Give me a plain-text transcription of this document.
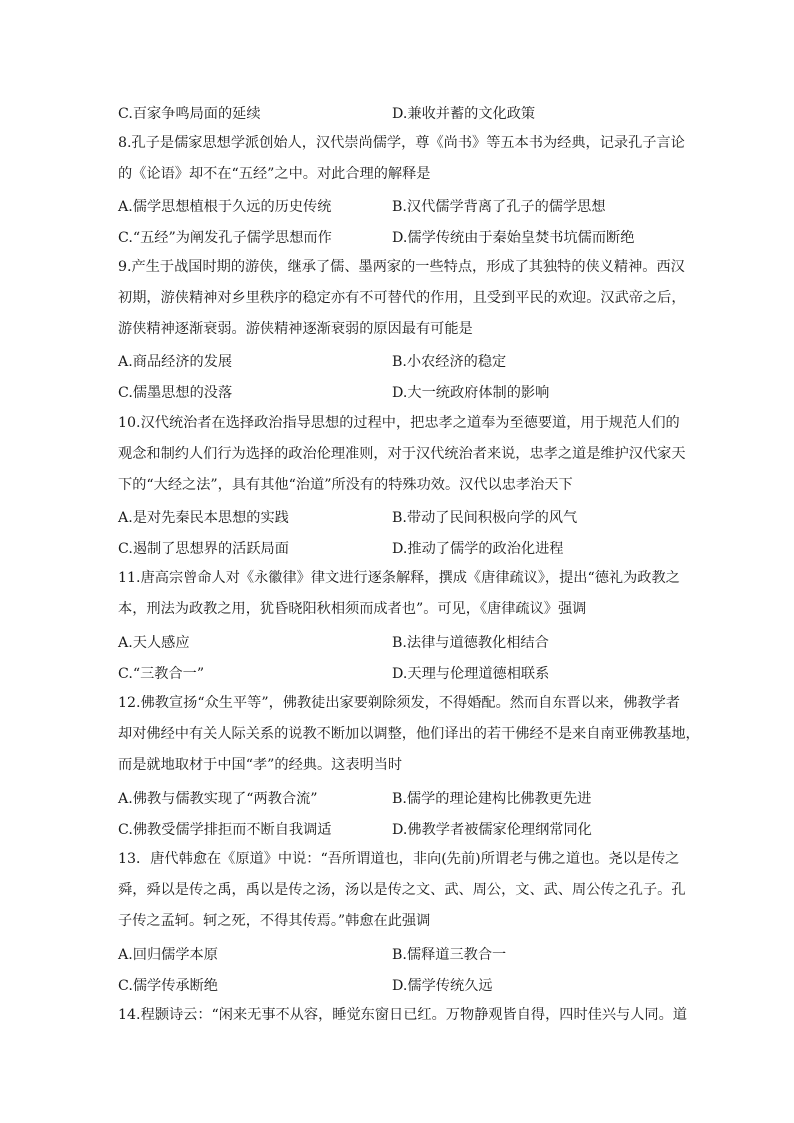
C.百家争鸣局面的延续	D.兼收并蓄的文化政策
8.孔子是儒家思想学派创始人，汉代崇尚儒学，尊《尚书》等五本书为经典，记录孔子言论
的《论语》却不在“五经”之中。对此合理的解释是
A.儒学思想植根于久远的历史传统	B.汉代儒学背离了孔子的儒学思想
C.“五经”为阐发孔子儒学思想而作	D.儒学传统由于秦始皇焚书坑儒而断绝
9.产生于战国时期的游侠，继承了儒、墨两家的一些特点，形成了其独特的侠义精神。西汉
初期，游侠精神对乡里秩序的稳定亦有不可替代的作用，且受到平民的欢迎。汉武帝之后，
游侠精神逐渐衰弱。游侠精神逐渐衰弱的原因最有可能是
A.商品经济的发展	B.小农经济的稳定
C.儒墨思想的没落	D.大一统政府体制的影响
10.汉代统治者在选择政治指导思想的过程中，把忠孝之道奉为至德要道，用于规范人们的
观念和制约人们行为选择的政治伦理准则，对于汉代统治者来说，忠孝之道是维护汉代家天
下的“大经之法”，具有其他“治道”所没有的特殊功效。汉代以忠孝治天下
A.是对先秦民本思想的实践	B.带动了民间积极向学的风气
C.遏制了思想界的活跃局面	D.推动了儒学的政治化进程
11.唐高宗曾命人对《永徽律》律文进行逐条解释，撰成《唐律疏议》，提出“德礼为政教之
本，刑法为政教之用，犹昏晓阳秋相须而成者也”。可见，《唐律疏议》强调
A.天人感应	B.法律与道德教化相结合
C.“三教合一”	D.天理与伦理道德相联系
12.佛教宣扬“众生平等”，佛教徒出家要剃除须发，不得婚配。然而自东晋以来，佛教学者
却对佛经中有关人际关系的说教不断加以调整，他们译出的若干佛经不是来自南亚佛教基地，
而是就地取材于中国“孝”的经典。这表明当时
A.佛教与儒教实现了“两教合流”	B.儒学的理论建构比佛教更先进
C.佛教受儒学排拒而不断自我调适	D.佛教学者被儒家伦理纲常同化
13．唐代韩愈在《原道》中说：“吾所谓道也，非向(先前)所谓老与佛之道也。尧以是传之
舜，舜以是传之禹，禹以是传之汤，汤以是传之文、武、周公，文、武、周公传之孔子。孔
子传之孟轲。轲之死，不得其传焉。”韩愈在此强调
A.回归儒学本原	B.儒释道三教合一
C.儒学传承断绝	D.儒学传统久远
14.程颢诗云：“闲来无事不从容，睡觉东窗日已红。万物静观皆自得，四时佳兴与人同。道
